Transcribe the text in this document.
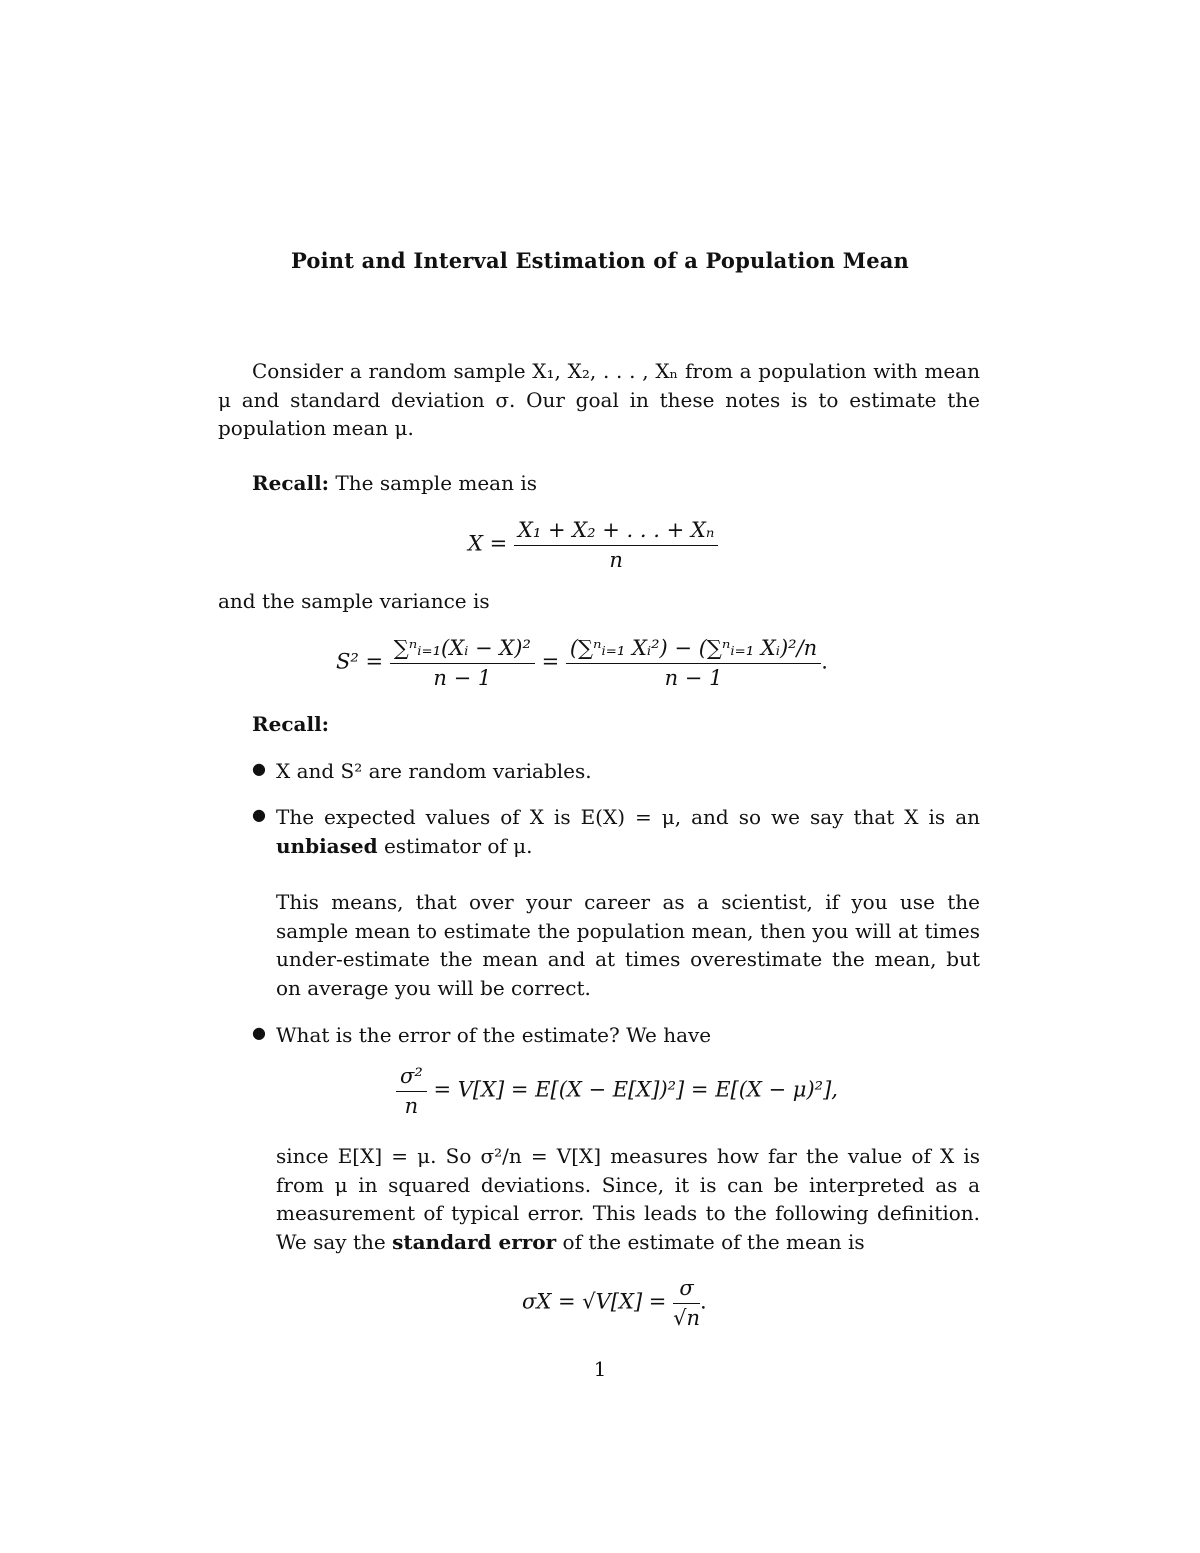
Point and Interval Estimation of a Population Mean
Consider a random sample X₁, X₂, . . . , Xₙ from a population with mean μ and standard deviation σ. Our goal in these notes is to estimate the population mean μ.
Recall: The sample mean is
$X = \frac{\text{X₁ + X₂ + . . . + Xₙ}}{n}$
and the sample variance is
$S^2 = \frac{\text{∑ⁿᵢ₌₁(Xᵢ − X)²}}{n - 1} = \frac{\text{(∑ⁿᵢ₌₁ Xᵢ²) − (∑ⁿᵢ₌₁ Xᵢ)²/n}}{n - 1}$ .
Recall:
● X and S² are random variables.
● The expected values of X is E(X) = μ, and so we say that X is an unbiased estimator of μ.
This means, that over your career as a scientist, if you use the sample mean to estimate the population mean, then you will at times under-estimate the mean and at times overestimate the mean, but on average you will be correct.
● What is the error of the estimate? We have
$\frac{\text{σ²}}{n} = V[X] = E[(X - E[X])^2] = E[(X - \mu)^2]$,
since E[X] = μ. So σ²/n = V[X] measures how far the value of X is from μ in squared deviations. Since, it is can be interpreted as a measurement of typical error. This leads to the following definition. We say the standard error of the estimate of the mean is
$\sigma X = √V[X] = \frac{\sigma}{√n}$ .
1
